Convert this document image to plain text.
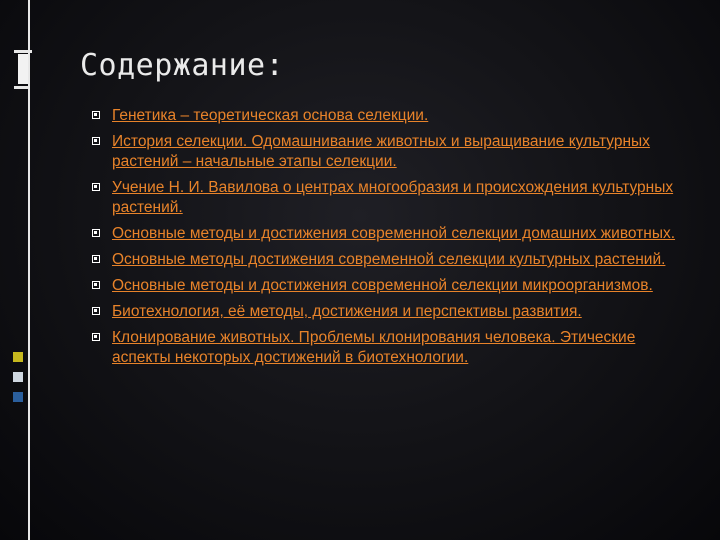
Содержание:
Генетика – теоретическая основа селекции.
История селекции. Одомашнивание животных и выращивание культурных растений – начальные этапы селекции.
Учение Н. И. Вавилова о центрах многообразия и происхождения культурных растений.
Основные методы и достижения современной селекции домашних животных.
Основные методы достижения современной селекции культурных растений.
Основные методы и достижения современной селекции микроорганизмов.
Биотехнология, её методы, достижения и перспективы развития.
Клонирование животных. Проблемы клонирования человека. Этические аспекты некоторых достижений в биотехнологии.
